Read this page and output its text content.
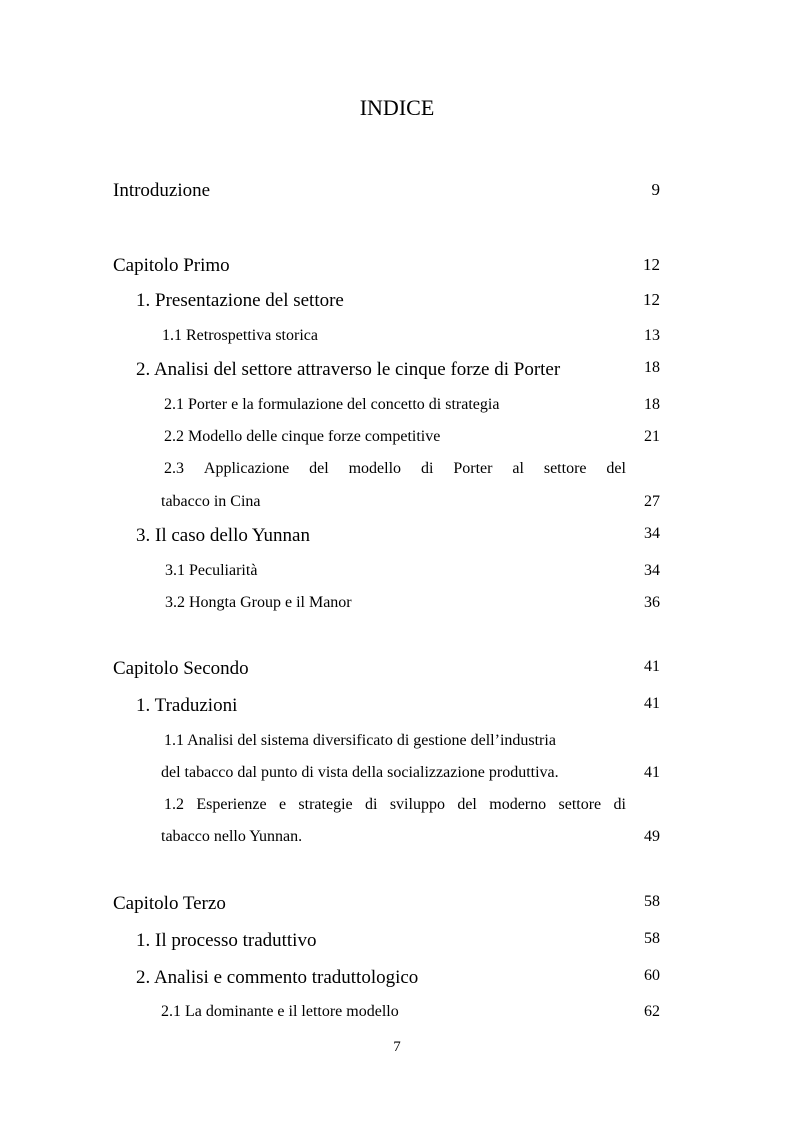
INDICE
Introduzione	9
Capitolo Primo	12
1. Presentazione del settore	12
1.1 Retrospettiva storica	13
2. Analisi del settore attraverso le cinque forze di Porter	18
2.1 Porter e la formulazione del concetto di strategia	18
2.2 Modello delle cinque forze competitive	21
2.3 Applicazione del modello di Porter al settore del
tabacco in Cina	27
3. Il caso dello Yunnan	34
3.1 Peculiarità	34
3.2 Hongta Group e il Manor	36
Capitolo Secondo	41
1. Traduzioni	41
1.1 Analisi del sistema diversificato di gestione dell’industria
del tabacco dal punto di vista della socializzazione produttiva.	41
1.2 Esperienze e strategie di sviluppo del moderno settore di
tabacco nello Yunnan.	49
Capitolo Terzo	58
1. Il processo traduttivo	58
2. Analisi e commento traduttologico	60
2.1 La dominante e il lettore modello	62
7
